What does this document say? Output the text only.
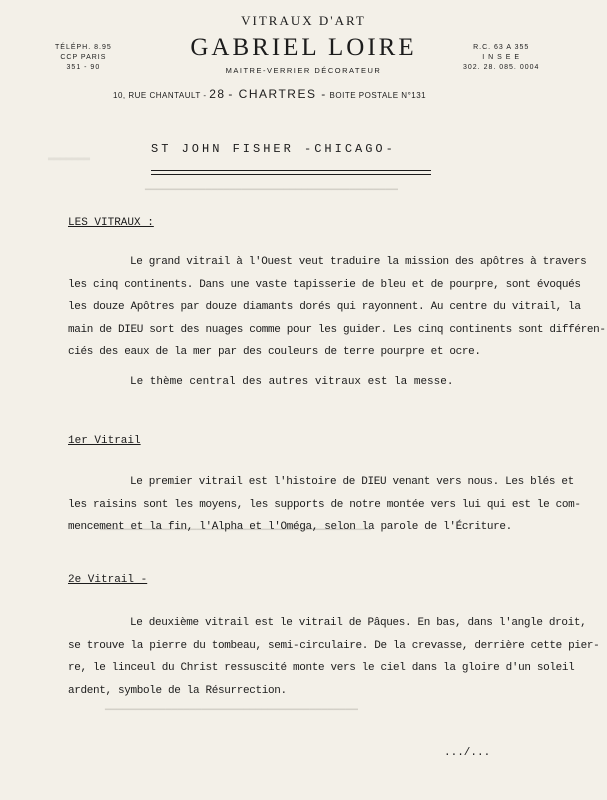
═══════
▔▔▔▔▔▔▔▔▔▔▔▔▔▔▔▔▔▔▔▔▔▔▔▔▔▔▔▔▔▔▔▔▔▔▔▔▔▔▔▔▔▔
▔▔▔▔▔▔▔▔▔▔▔▔▔▔▔▔▔▔▔▔▔▔▔▔▔▔▔▔▔▔▔▔▔▔▔▔▔▔▔▔▔▔▔▔▔
▔▔▔▔▔▔▔▔▔▔▔▔▔▔▔▔▔▔▔▔▔▔▔▔▔▔▔▔▔▔▔▔▔▔▔▔▔▔▔▔▔▔
VITRAUX D'ART
GABRIEL LOIRE
MAITRE-VERRIER DÉCORATEUR
TÉLÉPH. 8.95
CCP PARIS
351 - 90
R.C. 63 A 355
I N S E E
302. 28. 085. 0004
10, RUE CHANTAULT - 28 - CHARTRES - BOITE POSTALE N°131
ST JOHN FISHER -CHICAGO-
LES VITRAUX :
Le grand vitrail à l'Ouest veut traduire la mission des apôtres à travers
les cinq continents. Dans une vaste tapisserie de bleu et de pourpre, sont évoqués
les douze Apôtres par douze diamants dorés qui rayonnent. Au centre du vitrail, la
main de DIEU sort des nuages comme pour les guider. Les cinq continents sont différen-
ciés des eaux de la mer par des couleurs de terre pourpre et ocre.
Le thème central des autres vitraux est la messe.
1er Vitrail
Le premier vitrail est l'histoire de DIEU venant vers nous. Les blés et
les raisins sont les moyens, les supports de notre montée vers lui qui est le com-
mencement et la fin, l'Alpha et l'Oméga, selon la parole de l'Écriture.
2e Vitrail -
Le deuxième vitrail est le vitrail de Pâques. En bas, dans l'angle droit,
se trouve la pierre du tombeau, semi-circulaire. De la crevasse, derrière cette pier-
re, le linceul du Christ ressuscité monte vers le ciel dans la gloire d'un soleil
ardent, symbole de la Résurrection.
.../...
